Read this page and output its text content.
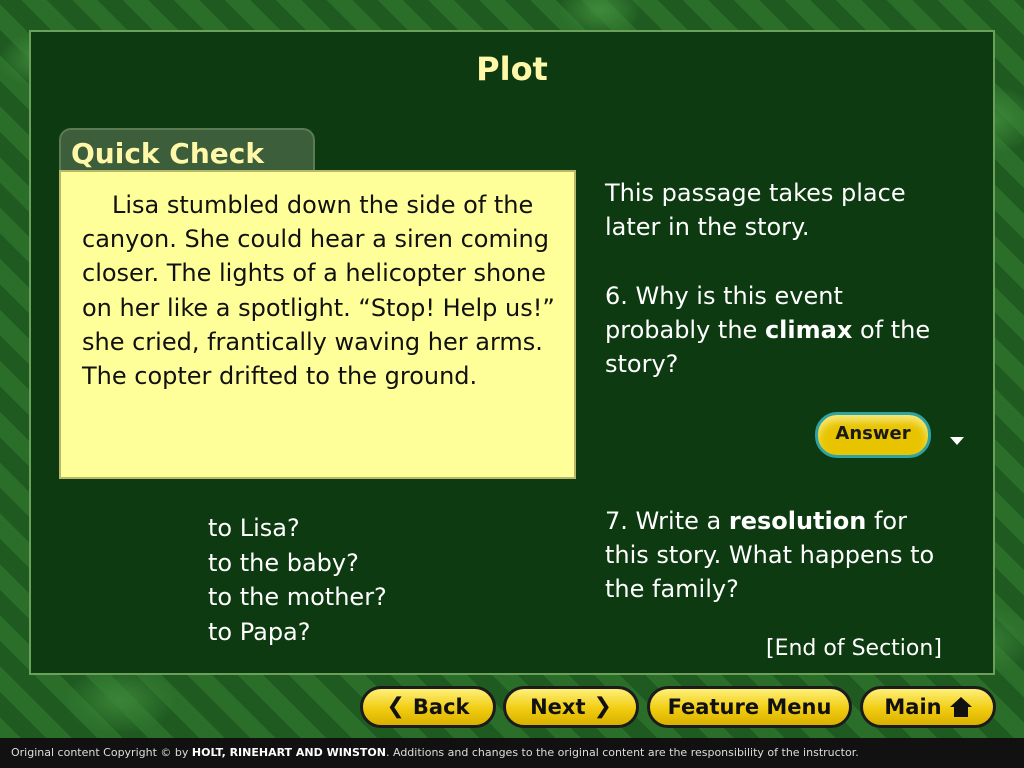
Plot
Quick Check
Lisa stumbled down the side of the canyon. She could hear a siren coming closer. The lights of a helicopter shone on her like a spotlight. “Stop! Help us!” she cried, frantically waving her arms. The copter drifted to the ground.
This passage takes place later in the story.
6. Why is this event probably the climax of the story?
Answer
7. Write a resolution for this story. What happens to the family?
to Lisa?
to the baby?
to the mother?
to Papa?
[End of Section]
❮ Back	Next ❯	Feature Menu	Main
Original content Copyright © by HOLT, RINEHART AND WINSTON. Additions and changes to the original content are the responsibility of the instructor.
